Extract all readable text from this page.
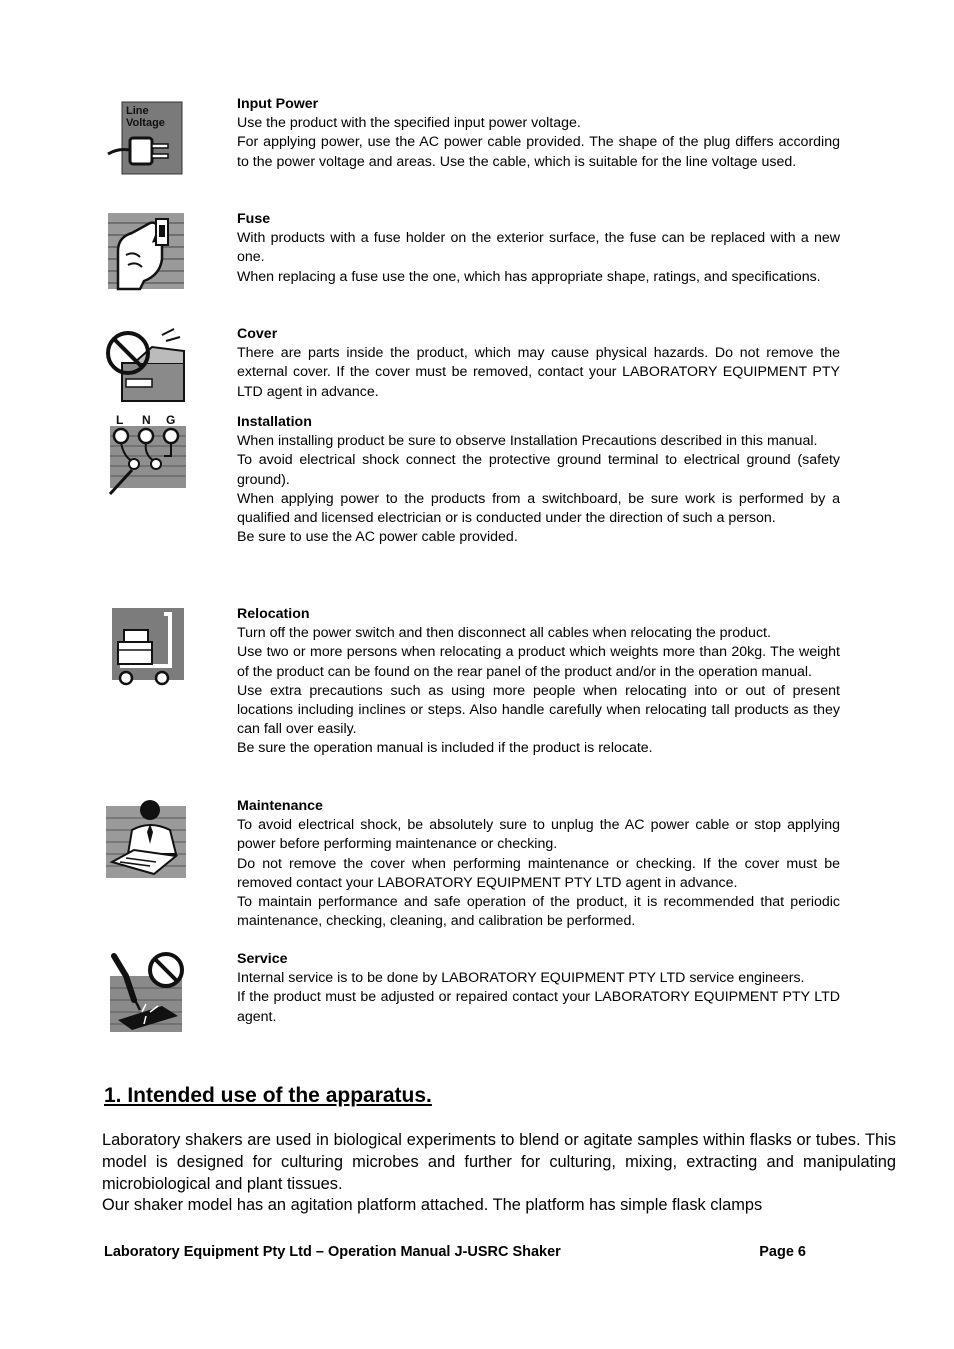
Line
Voltage
Input Power

Use the product with the specified input power voltage.

For applying power, use the AC power cable provided. The shape of the plug differs according to the power voltage and areas. Use the cable, which is suitable for the line voltage used.

Fuse

With products with a fuse holder on the exterior surface, the fuse can be replaced with a new one.

When replacing a fuse use the one, which has appropriate shape, ratings, and specifications.

Cover

There are parts inside the product, which may cause physical hazards. Do not remove the external cover. If the cover must be removed, contact your LABORATORY EQUIPMENT PTY LTD agent in advance.

L N G	Installation

When installing product be sure to observe Installation Precautions described in this manual.

To avoid electrical shock connect the protective ground terminal to electrical ground (safety ground).

When applying power to the products from a switchboard, be sure work is performed by a qualified and licensed electrician or is conducted under the direction of such a person.

Be sure to use the AC power cable provided.

Relocation

Turn off the power switch and then disconnect all cables when relocating the product.

Use two or more persons when relocating a product which weights more than 20kg. The weight of the product can be found on the rear panel of the product and/or in the operation manual.

Use extra precautions such as using more people when relocating into or out of present locations including inclines or steps. Also handle carefully when relocating tall products as they can fall over easily.

Be sure the operation manual is included if the product is relocate.

Maintenance

To avoid electrical shock, be absolutely sure to unplug the AC power cable or stop applying power before performing maintenance or checking.

Do not remove the cover when performing maintenance or checking. If the cover must be removed contact your LABORATORY EQUIPMENT PTY LTD agent in advance.

To maintain performance and safe operation of the product, it is recommended that periodic maintenance, checking, cleaning, and calibration be performed.

Service

Internal service is to be done by LABORATORY EQUIPMENT PTY LTD service engineers.

If the product must be adjusted or repaired contact your LABORATORY EQUIPMENT PTY LTD agent.

1. Intended use of the apparatus.

Laboratory shakers are used in biological experiments to blend or agitate samples within flasks or tubes. This model is designed for culturing microbes and further for culturing, mixing, extracting and manipulating microbiological and plant tissues.

Our shaker model has an agitation platform attached. The platform has simple flask clamps

Laboratory Equipment Pty Ltd – Operation Manual J-USRC Shaker	Page 6
